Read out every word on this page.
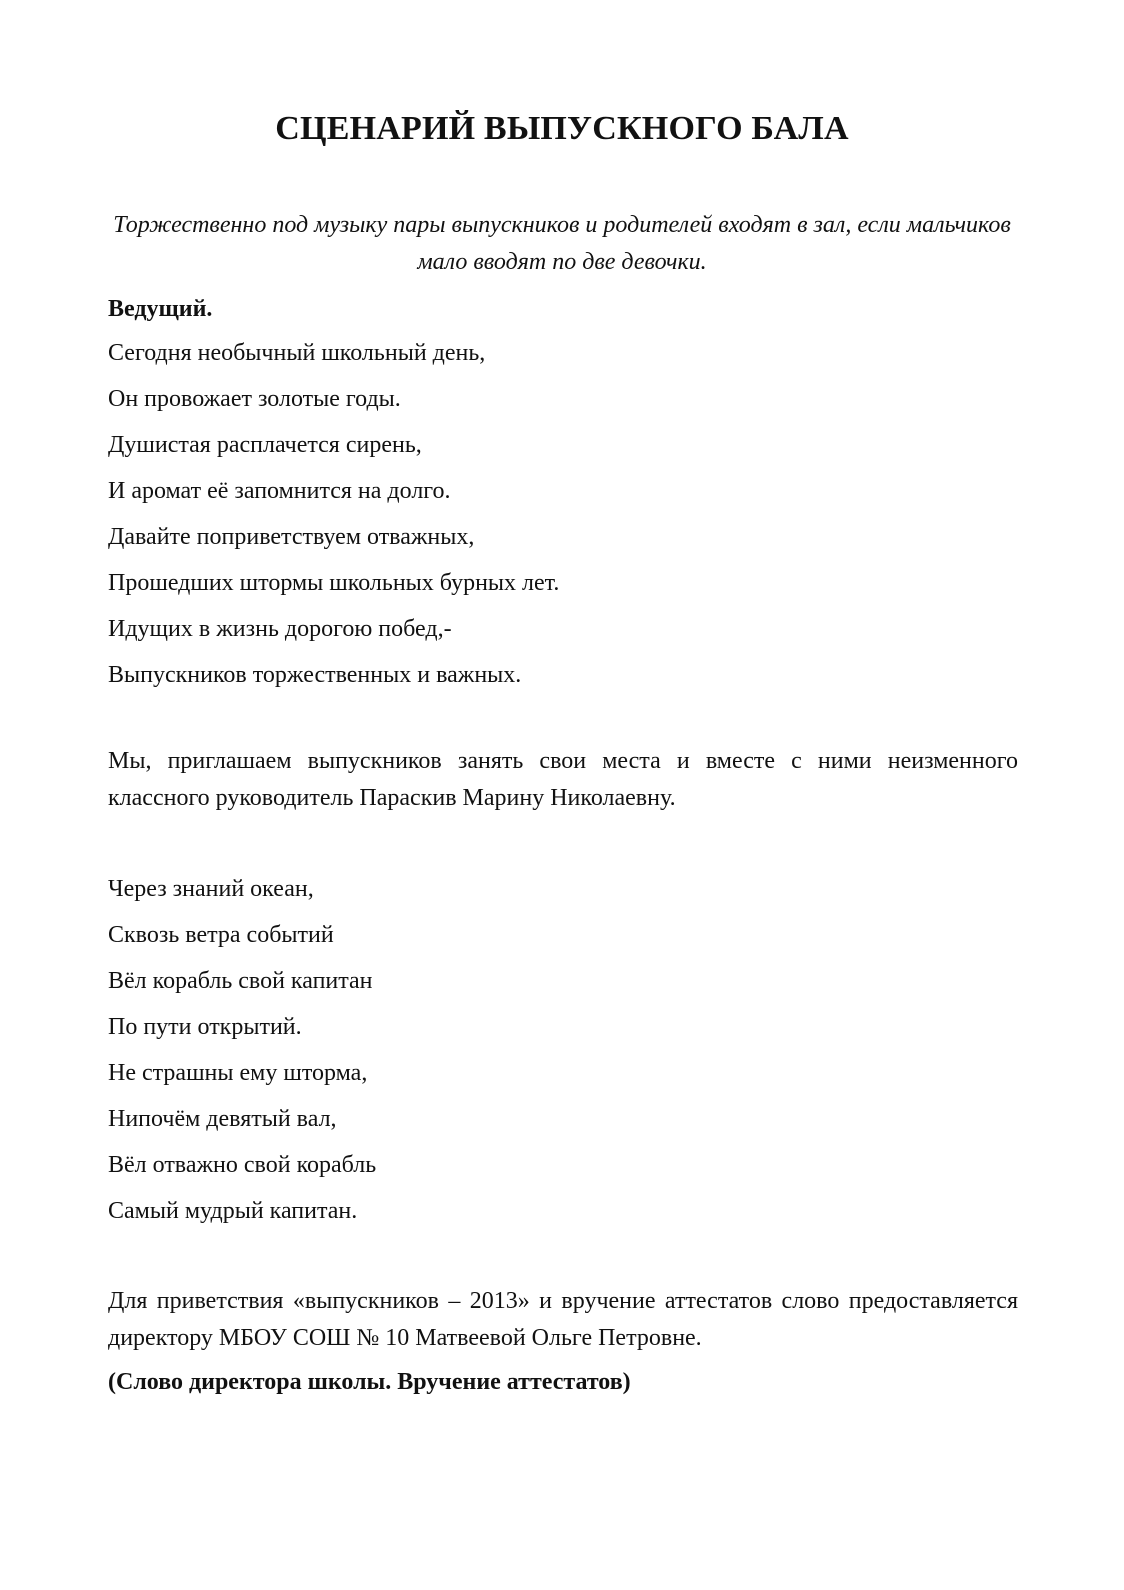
СЦЕНАРИЙ ВЫПУСКНОГО БАЛА

Торжественно под музыку пары выпускников и родителей входят в зал, если мальчиков мало вводят по две девочки.

Ведущий.

Сегодня необычный школьный день,
Он провожает золотые годы.
Душистая расплачется сирень,
И аромат её запомнится на долго.
Давайте поприветствуем отважных,
Прошедших штормы школьных бурных лет.
Идущих в жизнь дорогою побед,-
Выпускников торжественных и важных.

Мы, приглашаем выпускников занять свои места и вместе с ними неизменного классного руководитель Параскив Марину Николаевну.

Через знаний океан,
Сквозь ветра событий
Вёл корабль свой капитан
По пути открытий.
Не страшны ему шторма,
Нипочём девятый вал,
Вёл отважно свой корабль
Самый мудрый капитан.

Для приветствия «выпускников – 2013» и вручение аттестатов слово предоставляется директору МБОУ СОШ № 10 Матвеевой Ольге Петровне.

(Слово директора школы. Вручение аттестатов)
